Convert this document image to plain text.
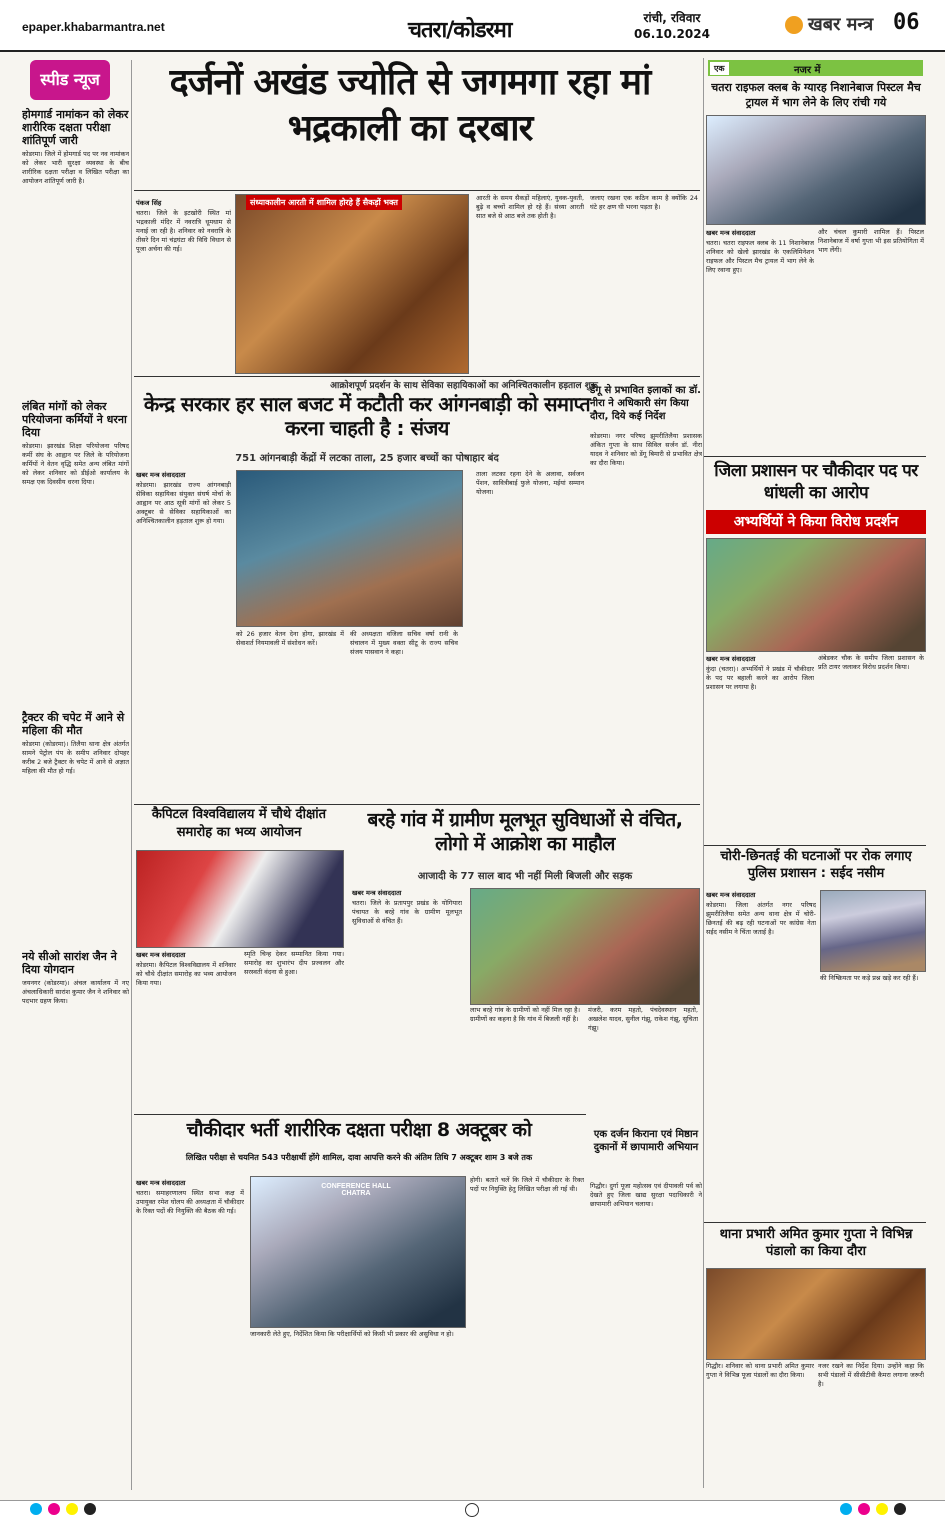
epaper.khabarmantra.net	चतरा/कोडरमा	रांची, रविवार
06.10.2024	खबर मन्त्र 06
स्पीड न्यूज
होमगार्ड नामांकन को लेकर शारीरिक दक्षता परीक्षा शांतिपूर्ण जारी
कोडरमा। जिले में होमगार्ड पद पर नव नामांकन को लेकर भारी सुरक्षा व्यवस्था के बीच शारीरिक दक्षता परीक्षा व लिखित परीक्षा का आयोजन शांतिपूर्ण जारी है।
लंबित मांगों को लेकर परियोजना कर्मियों ने धरना दिया
कोडरमा। झारखंड शिक्षा परियोजना परिषद कर्मी संघ के आह्वान पर जिले के परियोजना कर्मियों ने वेतन वृद्धि समेत अन्य लंबित मांगों को लेकर शनिवार को डीईओ कार्यालय के समक्ष एक दिवसीय धरना दिया।
ट्रैक्टर की चपेट में आने से महिला की मौत
कोडरमा (कोडरमा)। तिलैया थाना क्षेत्र अंतर्गत सामने पेट्रोल पंप के समीप शनिवार दोपहर करीब 2 बजे ट्रैक्टर के चपेट में आने से अज्ञात महिला की मौत हो गई।
नये सीओ सारांश जैन ने दिया योगदान
जयनगर (कोडरमा)। अंचल कार्यालय में नए अंचलाधिकारी सारांश कुमार जैन ने शनिवार को पदभार ग्रहण किया।
दर्जनों अखंड ज्योति से जगमगा रहा मां भद्रकाली का दरबार
पंकज सिंह
चतरा। जिले के इटखोरी स्थित मां भद्रकाली मंदिर में नवरात्रि धूमधाम से मनाई जा रही है। शनिवार को नवरात्रि के तीसरे दिन मां चंद्रघंटा की विधि विधान से पूजा अर्चना की गई।
संध्याकालीन आरती में शामिल होरहे हैं सैकड़ों भक्त	आरती के समय सैकड़ों महिलाएं, युवक-युवती, बुढ़े व बच्चों शामिल हो रहे हैं। संध्या आरती सात बजे से आठ बजे तक होती है।
जलाए रखना एक कठिन काम है क्योंकि 24 घंटे हर क्षण घी भरना पड़ता है।
एक	नजर में
चतरा राइफल क्लब के ग्यारह निशानेबाज पिस्टल मैच ट्रायल में भाग लेने के लिए रांची गये
खबर मन्त्र संवाददाता
चतरा। चतरा राइफल क्लब के 11 निशानेबाज शनिवार को खेलो झारखंड के एकलिमिनेशन राइफल और पिस्टल मैच ट्रायल में भाग लेने के लिए रवाना हुए।
और चंचल कुमारी शामिल हैं। पिस्टल निशानेबाज में वर्षा गुप्ता भी इस प्रतियोगिता में भाग लेंगी।
आक्रोशपूर्ण प्रदर्शन के साथ सेविका सहायिकाओं का अनिश्चितकालीन हड़ताल शुरू
केन्द्र सरकार हर साल बजट में कटौती कर आंगनबाड़ी को समाप्त करना चाहती है : संजय
751 आंगनबाड़ी केंद्रों में लटका ताला, 25 हजार बच्चों का पोषाहार बंद
खबर मन्त्र संवाददाता
कोडरमा। झारखंड राज्य आंगनबाड़ी सेविका सहायिका संयुक्त संघर्ष मोर्चा के आह्वान पर आठ सूत्री मांगों को लेकर 5 अक्टूबर से सेविका सहायिकाओं का अनिश्चितकालीन हड़ताल शुरू हो गया।
को 26 हजार वेतन देना होगा, झारखंड में सेवाशर्त नियमावली में संशोधन करें।
की अध्यक्षता वजिला सचिव वर्षा रानी के संचालन में मुख्य वक्ता सीटू के राज्य सचिव संजय पासवान ने कहा।
ताला लटका रहना देने के अलावा, सर्वजन पेंशन, सावित्रीबाई फुले योजना, मईयां सम्मान योजना।
डेंगू से प्रभावित इलाकों का डॉ. नीरा ने अधिकारी संग किया दौरा, दिये कई निर्देश
कोडरमा। नगर परिषद झुमरीतिलैया प्रशासक अंकित गुप्ता के साथ सिविल सर्जन डॉ. नीरा यादव ने शनिवार को डेंगू बिमारी से प्रभावित क्षेत्र का दौरा किया।	जिला प्रशासन पर चौकीदार पद पर धांधली का आरोप
अभ्यर्थियों ने किया विरोध प्रदर्शन
खबर मन्त्र संवाददाता
कुंदा (चतरा)। अभ्यर्थियों ने प्रखंड में चौकीदार के पद पर बहाली करने का आरोप जिला प्रशासन पर लगाया है।
अंबेडकर चौक के समीप जिला प्रशासन के प्रति टायर जलाकर विरोध प्रदर्शन किया।
कैपिटल विश्वविद्यालय में चौथे दीक्षांत समारोह का भव्य आयोजन
खबर मन्त्र संवाददाता
कोडरमा। कैपिटल विश्वविद्यालय में शनिवार को चौथे दीक्षांत समारोह का भव्य आयोजन किया गया।
स्मृति चिन्ह देकर सम्मानित किया गया। समारोह का शुभारंभ दीप प्रज्वलन और सरस्वती वंदना से हुआ।
बरहे गांव में ग्रामीण मूलभूत सुविधाओं से वंचित, लोगो में आक्रोश का माहौल
आजादी के 77 साल बाद भी नहीं मिली बिजली और सड़क
खबर मन्त्र संवाददाता
चतरा। जिले के प्रतापपुर प्रखंड के योगियारा पंचायत के बरहे गांव के ग्रामीण मूलभूत सुविधाओं से वंचित हैं।
लाभ बरहे गांव के ग्रामीणों को नहीं मिल रहा है। ग्रामीणों का कहना है कि गांव में बिजली नहीं है।
मंजरी, करम महतो, पंचदेवस्थान महतो, अखलेश यादव, सुनील गंझू, राकेश गंझू, सुचिता गंझू।
चोरी-छिनतई की घटनाओं पर रोक लगाए पुलिस प्रशासन : सईद नसीम
खबर मन्त्र संवाददाता
कोडरमा। जिला अंतर्गत नगर परिषद झुमरीतिलैया समेत अन्य थाना क्षेत्र में चोरी-छिनतई की बढ़ रही घटनाओं पर कांग्रेस नेता सईद नसीम ने चिंता जताई है।
की निष्क्रियता पर कड़े प्रश्न खड़े कर रही हैं।
एक दर्जन किराना एवं मिष्ठान दुकानों में छापामारी अभियान
गिद्धौर। दुर्गा पूजा महोत्सव एवं दीपावली पर्व को देखते हुए जिला खाद्य सुरक्षा पदाधिकारी ने छापामारी अभियान चलाया।
चौकीदार भर्ती शारीरिक दक्षता परीक्षा 8 अक्टूबर को
लिखित परीक्षा से चयनित 543 परीक्षार्थी होंगे शामिल, दावा आपत्ति करने की अंतिम तिथि 7 अक्टूबर शाम 3 बजे तक
खबर मन्त्र संवाददाता
चतरा। समाहरणालय स्थित सभा कक्ष में उपायुक्त रमेश घोलप की अध्यक्षता में चौकीदार के रिक्त पदों की नियुक्ति की बैठक की गई।
CONFERENCE HALL CHATRA
जानकारी लेते हुए, निर्देशित किया कि परीक्षार्थियों को किसी भी प्रकार की असुविधा न हो।
होगी। बताते चलें कि जिले में चौकीदार के रिक्त पदों पर नियुक्ति हेतु लिखित परीक्षा ली गई थी।
थाना प्रभारी अमित कुमार गुप्ता ने विभिन्न पंडालो का किया दौरा
गिद्धौर। शनिवार को थाना प्रभारी अमित कुमार गुप्ता ने विभिन्न पूजा पंडालों का दौरा किया।
नजर रखने का निर्देश दिया। उन्होंने कहा कि सभी पंडालों में सीसीटीवी कैमरा लगाना जरूरी है।
